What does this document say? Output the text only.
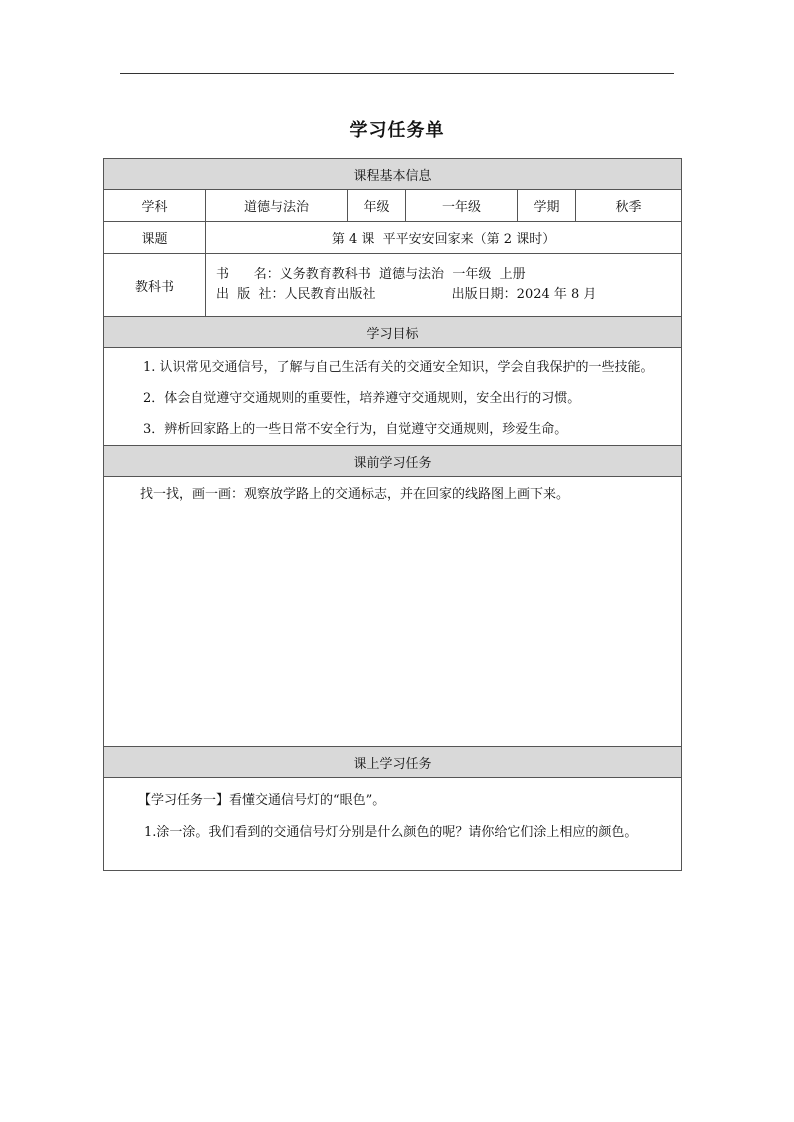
学习任务单
课程基本信息					
学科	道德与法治	年级	一年级	学期	秋季
课题	第 4 课  平平安安回家来（第 2 课时）				
教科书	书      名：义务教育教科书  道德与法治  一年级  上册
出  版  社：人民教育出版社 出版日期：2024 年 8 月				

学习目标					

1. 认识常见交通信号，了解与自己生活有关的交通安全知识，学会自我保护的一些技能。
2．体会自觉遵守交通规则的重要性，培养遵守交通规则，安全出行的习惯。
3．辨析回家路上的一些日常不安全行为，自觉遵守交通规则，珍爱生命。					

课前学习任务					
找一找，画一画：观察放学路上的交通标志，并在回家的线路图上画下来。					
课上学习任务					

【学习任务一】看懂交通信号灯的“眼色”。
1.涂一涂。我们看到的交通信号灯分别是什么颜色的呢？请你给它们涂上相应的颜色。					
